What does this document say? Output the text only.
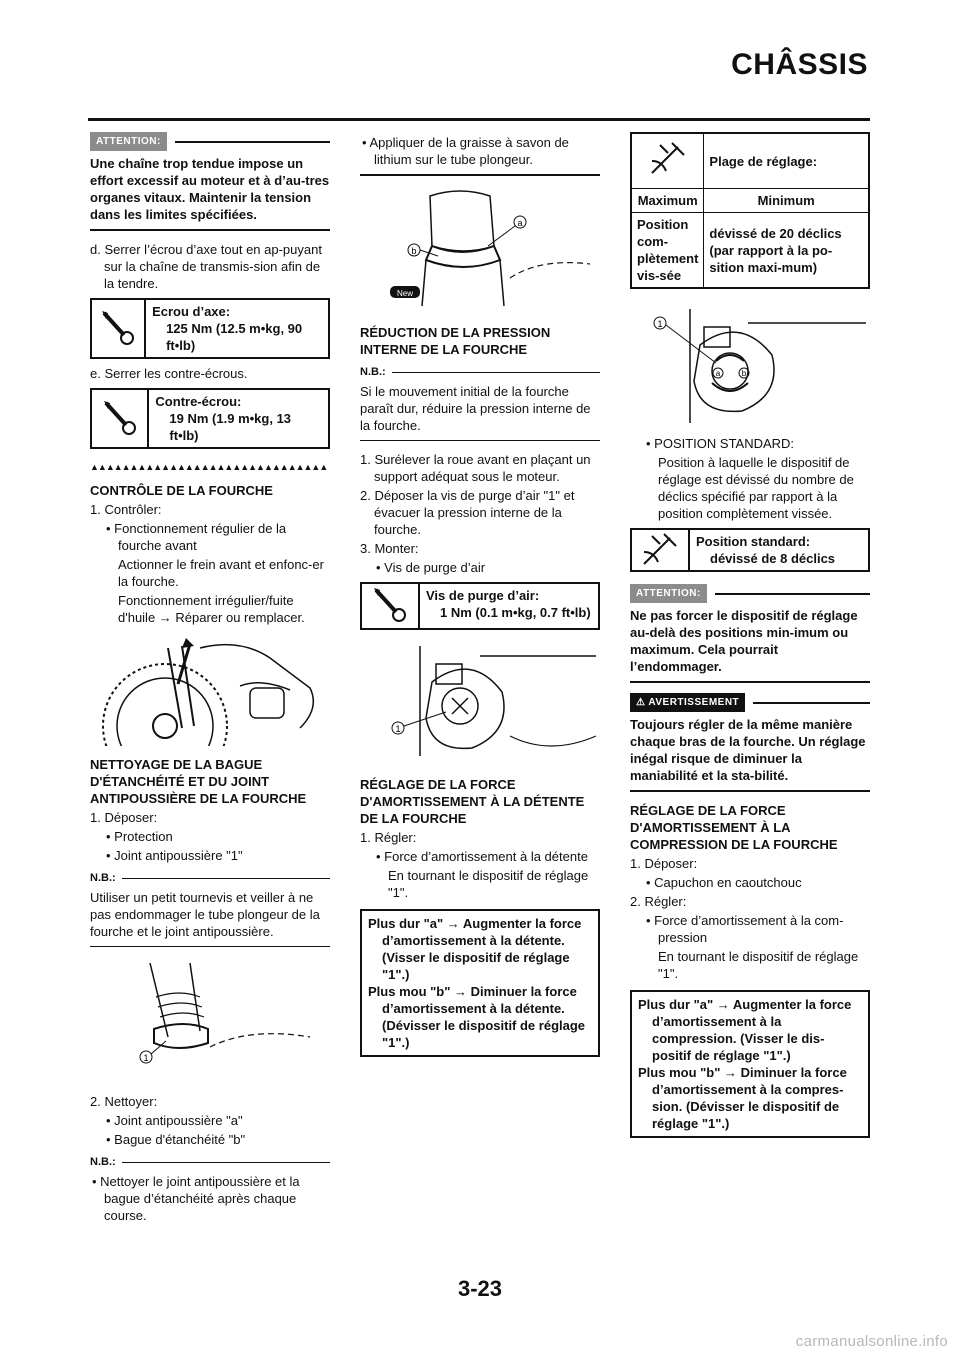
CHÂSSIS
ATTENTION:
Une chaîne trop tendue impose un effort excessif au moteur et à d’au-tres organes vitaux. Maintenir la tension dans les limites spécifiées.
d. Serrer l’écrou d’axe tout en ap-puyant sur la chaîne de transmis-sion afin de la tendre.
Ecrou d’axe:
125 Nm (12.5 m•kg, 90 ft•lb)
e. Serrer les contre-écrous.
Contre-écrou:
19 Nm (1.9 m•kg, 13 ft•lb)
▲▲▲▲▲▲▲▲▲▲▲▲▲▲▲▲▲▲▲▲▲▲▲▲▲▲▲▲▲▲
CONTRÔLE DE LA FOURCHE
1. Contrôler:
• Fonctionnement régulier de la fourche avant
Actionner le frein avant et enfonc-er la fourche.
Fonctionnement irrégulier/fuite d'huile → Réparer ou remplacer.
NETTOYAGE DE LA BAGUE D'ÉTANCHÉITÉ ET DU JOINT ANTIPOUSSIÈRE DE LA FOURCHE
1. Déposer:
• Protection
• Joint antipoussière "1"
N.B.:
Utiliser un petit tournevis et veiller à ne pas endommager le tube plongeur de la fourche et le joint antipoussière.
1
2. Nettoyer:
• Joint antipoussière "a"
• Bague d'étanchéité "b"
N.B.:
• Nettoyer le joint antipoussière et la bague d’étanchéité après chaque course.
• Appliquer de la graisse à savon de lithium sur le tube plongeur.
a
b
New
RÉDUCTION DE LA PRESSION INTERNE DE LA FOURCHE
N.B.:
Si le mouvement initial de la fourche paraît dur, réduire la pression interne de la fourche.
1. Surélever la roue avant en plaçant un support adéquat sous le moteur.
2. Déposer la vis de purge d’air "1" et évacuer la pression interne de la fourche.
3. Monter:
• Vis de purge d’air
Vis de purge d’air:
1 Nm (0.1 m•kg, 0.7 ft•lb)
1
RÉGLAGE DE LA FORCE D'AMORTISSEMENT À LA DÉTENTE DE LA FOURCHE
1. Régler:
• Force d’amortissement à la détente
En tournant le dispositif de réglage "1".
Plus dur "a" → Augmenter la force d’amortissement à la détente. (Visser le dispositif de réglage "1".)
Plus mou "b" → Diminuer la force d’amortissement à la détente. (Dévisser le dispositif de réglage "1".)
	Plage de réglage:
Maximum	Minimum
Position com-plètement vis-sée	dévissé de 20 déclics (par rapport à la po-sition maxi-mum)
a	b
1
• POSITION STANDARD:
Position à laquelle le dispositif de réglage est dévissé du nombre de déclics spécifié par rapport à la position complètement vissée.
Position standard:
dévissé de 8 déclics
ATTENTION:
Ne pas forcer le dispositif de réglage au-delà des positions min-imum ou maximum. Cela pourrait l’endommager.
⚠ AVERTISSEMENT
Toujours régler de la même manière chaque bras de la fourche. Un réglage inégal risque de diminuer la maniabilité et la sta-bilité.
RÉGLAGE DE LA FORCE D'AMORTISSEMENT À LA COMPRESSION DE LA FOURCHE
1. Déposer:
• Capuchon en caoutchouc
2. Régler:
• Force d’amortissement à la com-pression
En tournant le dispositif de réglage "1".
Plus dur "a" → Augmenter la force d’amortissement à la compression. (Visser le dis-positif de réglage "1".)
Plus mou "b" → Diminuer la force d’amortissement à la compres-sion. (Dévisser le dispositif de réglage "1".)
3-23
carmanualsonline.info
